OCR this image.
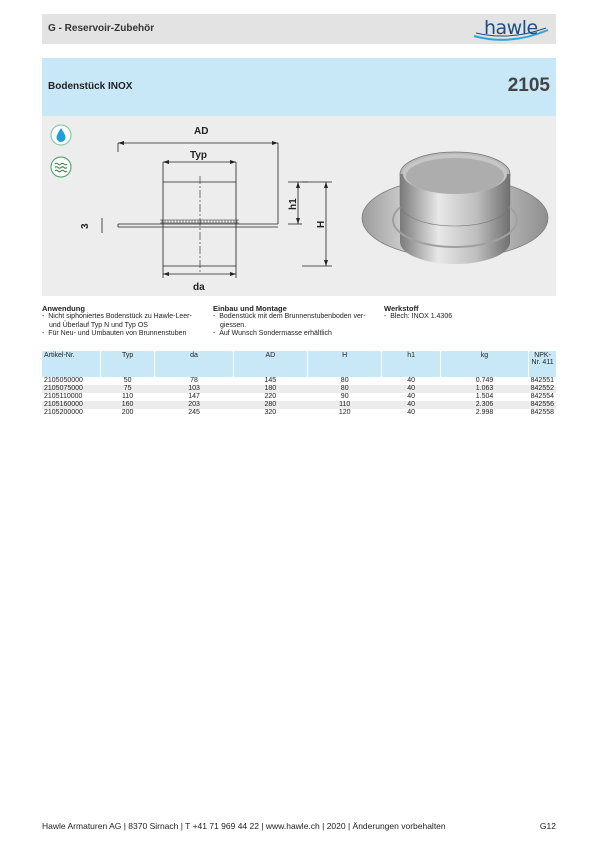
G - Reservoir-Zubehör	hawle
Bodenstück INOX	2105
AD
Typ
da
h1
H
3
Anwendung
-  Nicht siphoniertes Bodenstück zu Hawle-Leer- und Überlauf Typ N und Typ OS
-  Für Neu- und Umbauten von Brunnenstuben
Einbau und Montage
-  Bodenstück mit dem Brunnenstubenboden ver- giessen.
-  Auf Wunsch Sondermasse erhältlich
Werkstoff
-  Blech: INOX 1.4306
Artikel-Nr.	Typ	da	AD	H	h1	kg	NPK-Nr. 411
2105050000	50	78	145	80	40	0.749	842551
2105075000	75	103	180	80	40	1.063	842552
2105110000	110	147	220	90	40	1.504	842554
2105160000	160	203	280	110	40	2.306	842556
2105200000	200	245	320	120	40	2.998	842558
Hawle Armaturen AG | 8370 Sirnach | T +41 71 969 44 22 | www.hawle.ch | 2020 | Änderungen vorbehalten	G12
